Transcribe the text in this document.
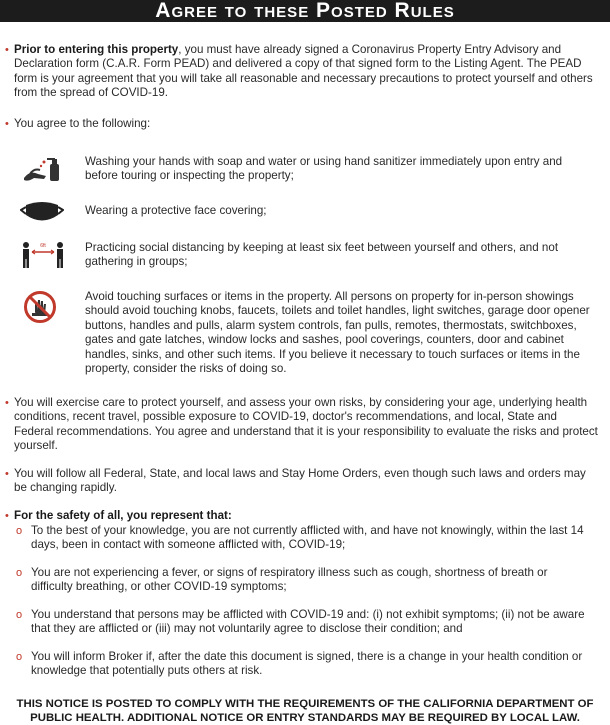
Agree to these Posted Rules
• Prior to entering this property, you must have already signed a Coronavirus Property Entry Advisory and Declaration form (C.A.R. Form PEAD) and delivered a copy of that signed form to the Listing Agent. The PEAD form is your agreement that you will take all reasonable and necessary precautions to protect yourself and others from the spread of COVID-19.
• You agree to the following:
6ft
Washing your hands with soap and water or using hand sanitizer immediately upon entry and before touring or inspecting the property;
Wearing a protective face covering;
Practicing social distancing by keeping at least six feet between yourself and others, and not gathering in groups;
Avoid touching surfaces or items in the property. All persons on property for in-person showings should avoid touching knobs, faucets, toilets and toilet handles, light switches, garage door opener buttons, handles and pulls, alarm system controls, fan pulls, remotes, thermostats, switchboxes, gates and gate latches, window locks and sashes, pool coverings, counters, door and cabinet handles, sinks, and other such items. If you believe it necessary to touch surfaces or items in the property, consider the risks of doing so.
• You will exercise care to protect yourself, and assess your own risks, by considering your age, underlying health conditions, recent travel, possible exposure to COVID-19, doctor's recommendations, and local, State and Federal recommendations. You agree and understand that it is your responsibility to evaluate the risks and protect yourself.
• You will follow all Federal, State, and local laws and Stay Home Orders, even though such laws and orders may be changing rapidly.
• For the safety of all, you represent that:
o To the best of your knowledge, you are not currently afflicted with, and have not knowingly, within the last 14 days, been in contact with someone afflicted with, COVID-19;
o You are not experiencing a fever, or signs of respiratory illness such as cough, shortness of breath or difficulty breathing, or other COVID-19 symptoms;
o You understand that persons may be afflicted with COVID-19 and: (i) not exhibit symptoms; (ii) not be aware that they are afflicted or (iii) may not voluntarily agree to disclose their condition; and
o You will inform Broker if, after the date this document is signed, there is a change in your health condition or knowledge that potentially puts others at risk.
THIS NOTICE IS POSTED TO COMPLY WITH THE REQUIREMENTS OF THE CALIFORNIA DEPARTMENT OF
PUBLIC HEALTH. ADDITIONAL NOTICE OR ENTRY STANDARDS MAY BE REQUIRED BY LOCAL LAW.
